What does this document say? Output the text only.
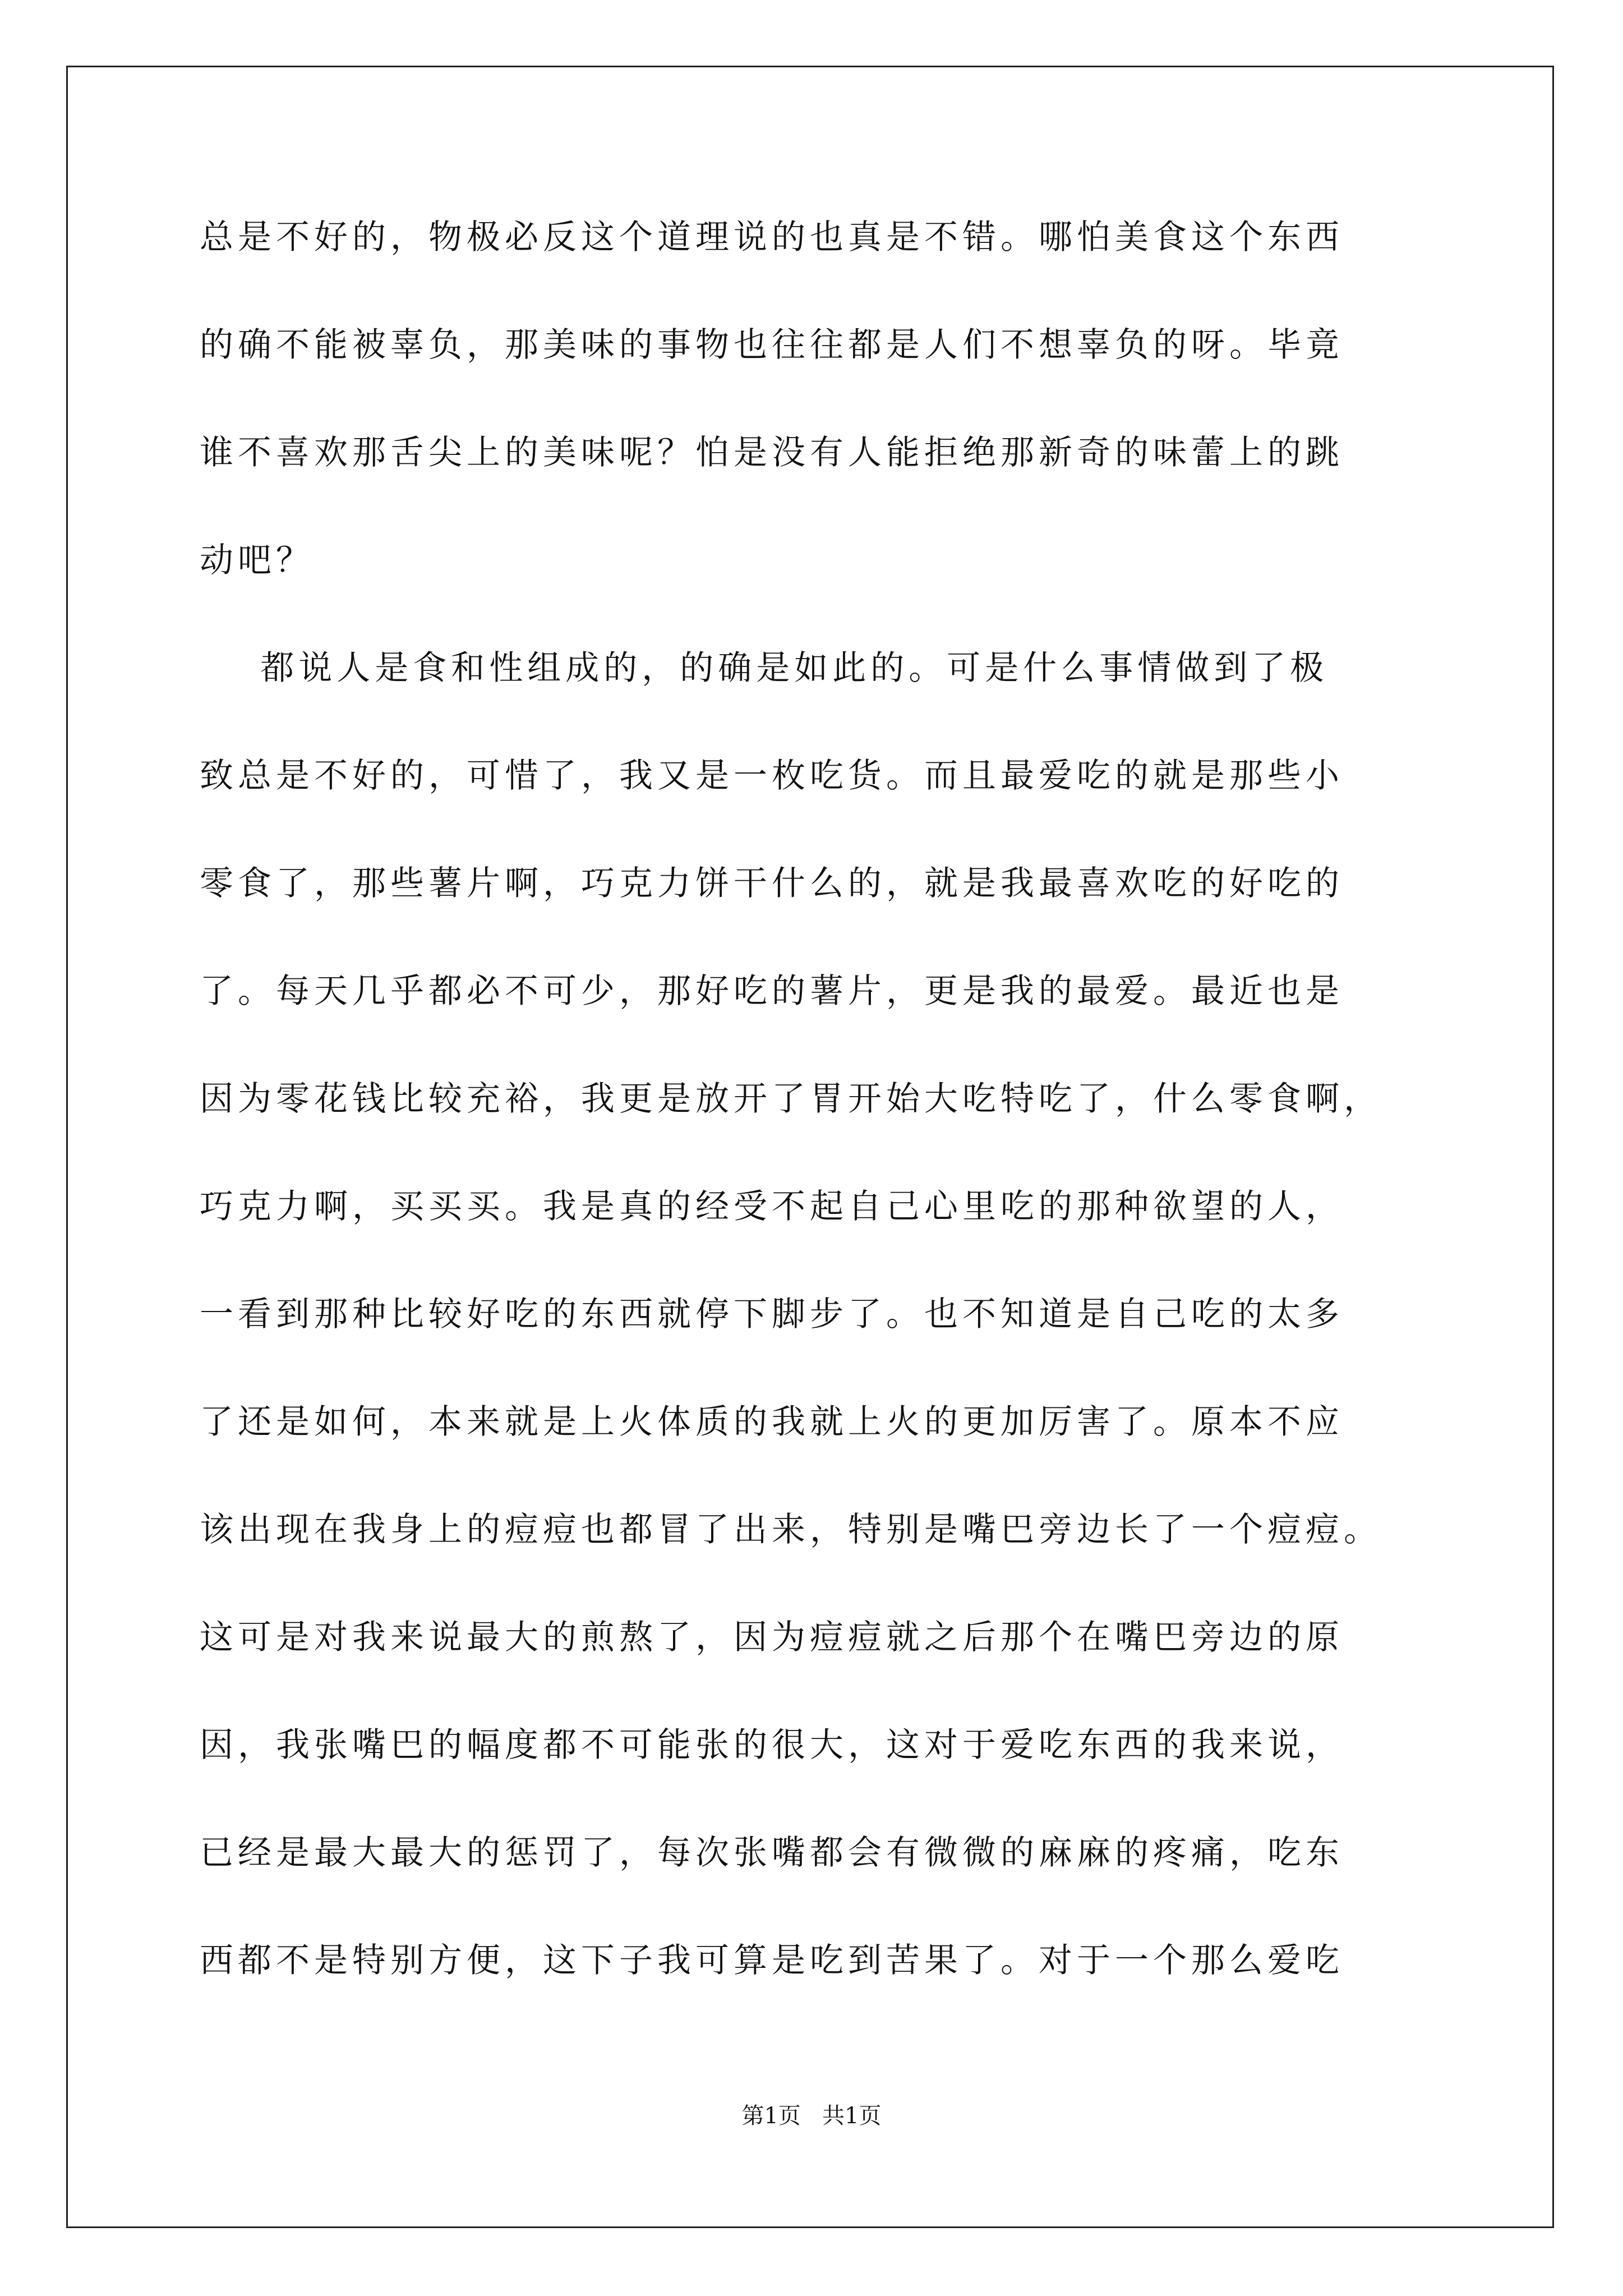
总是不好的，物极必反这个道理说的也真是不错。哪怕美食这个东西
的确不能被辜负，那美味的事物也往往都是人们不想辜负的呀。毕竟
谁不喜欢那舌尖上的美味呢？怕是没有人能拒绝那新奇的味蕾上的跳
动吧？
都说人是食和性组成的，的确是如此的。可是什么事情做到了极
致总是不好的，可惜了，我又是一枚吃货。而且最爱吃的就是那些小
零食了，那些薯片啊，巧克力饼干什么的，就是我最喜欢吃的好吃的
了。每天几乎都必不可少，那好吃的薯片，更是我的最爱。最近也是
因为零花钱比较充裕，我更是放开了胃开始大吃特吃了，什么零食啊，
巧克力啊，买买买。我是真的经受不起自己心里吃的那种欲望的人，
一看到那种比较好吃的东西就停下脚步了。也不知道是自己吃的太多
了还是如何，本来就是上火体质的我就上火的更加厉害了。原本不应
该出现在我身上的痘痘也都冒了出来，特别是嘴巴旁边长了一个痘痘。
这可是对我来说最大的煎熬了，因为痘痘就之后那个在嘴巴旁边的原
因，我张嘴巴的幅度都不可能张的很大，这对于爱吃东西的我来说，
已经是最大最大的惩罚了，每次张嘴都会有微微的麻麻的疼痛，吃东
西都不是特别方便，这下子我可算是吃到苦果了。对于一个那么爱吃
第1页   共1页
